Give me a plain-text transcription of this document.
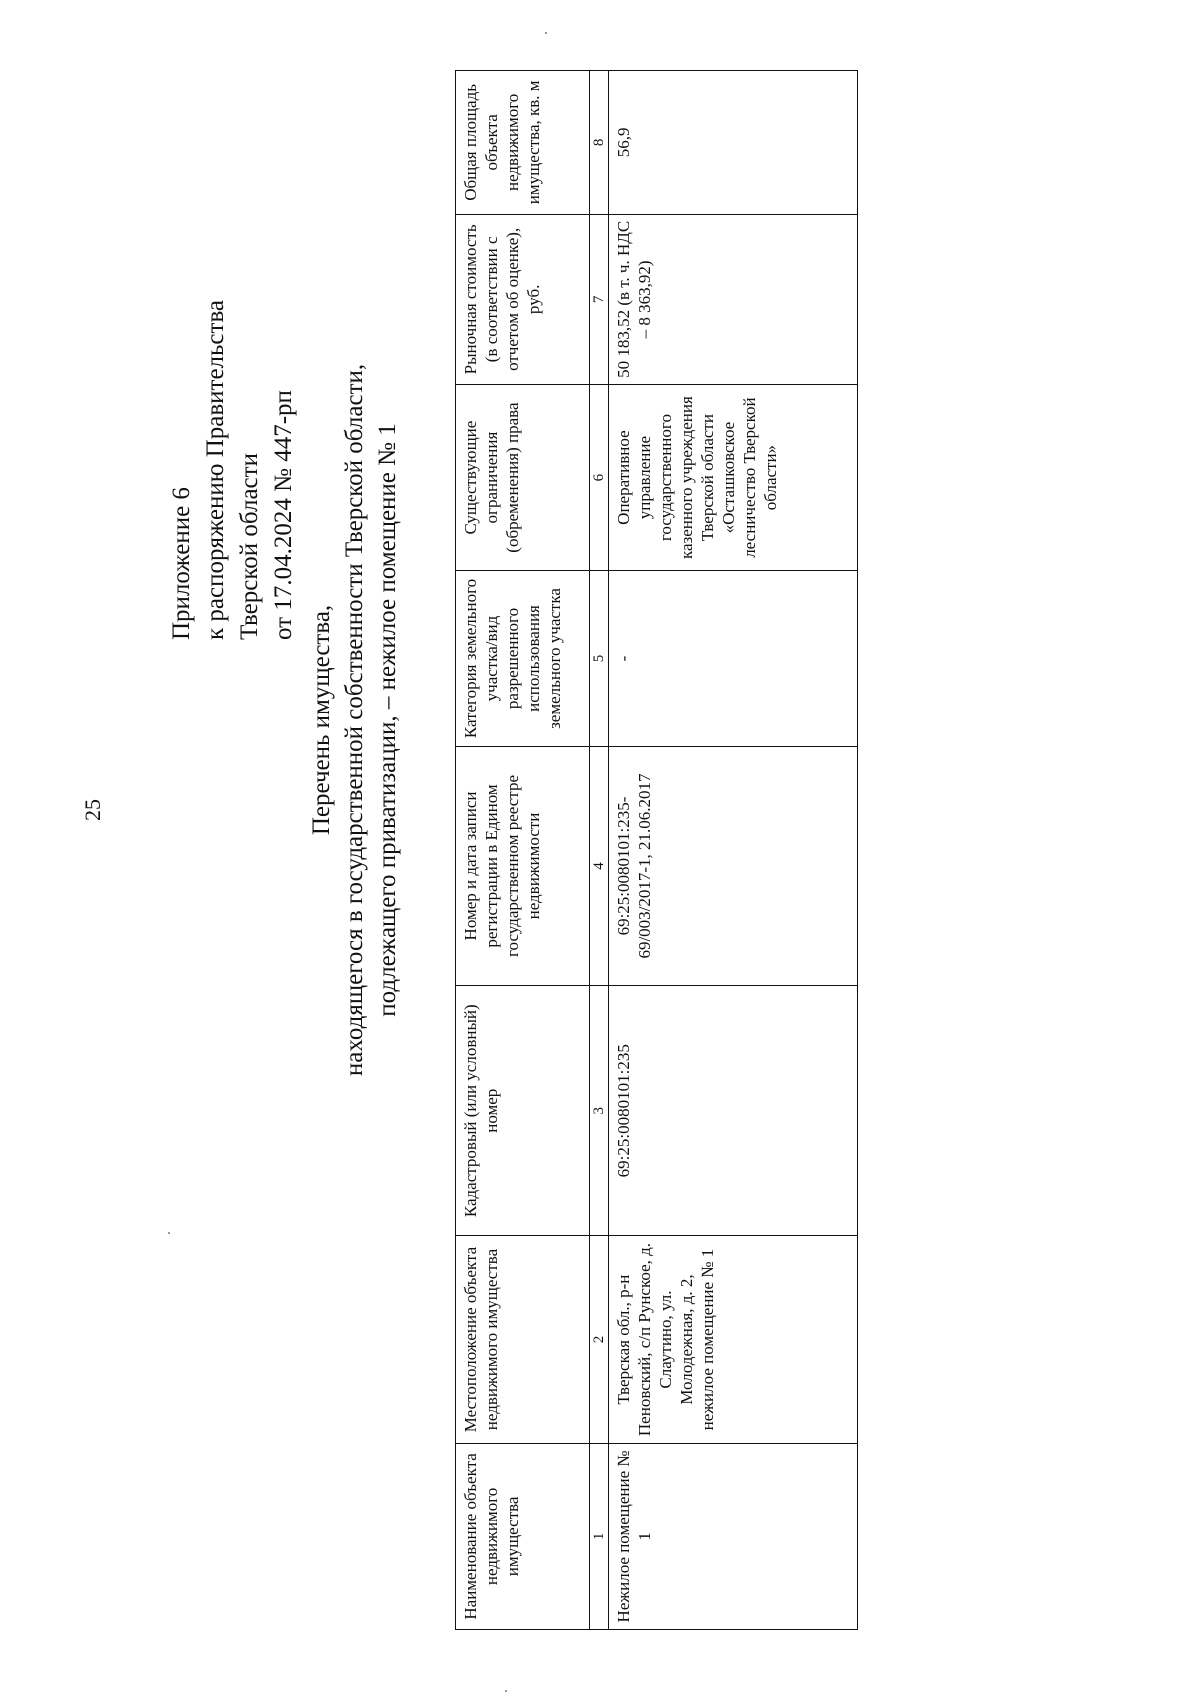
25
Приложение 6 к распоряжению Правительства Тверской области от 17.04.2024 № 447-рп
Перечень имущества, находящегося в государственной собственности Тверской области, подлежащего приватизации, – нежилое помещение № 1
Наименование объекта недвижимого имущества	Местоположение объекта недвижимого имущества	Кадастровый (или условный) номер	Номер и дата записи регистрации в Едином государственном реестре недвижимости	Категория земельного участка/вид разрешенного использования земельного участка	Существующие ограничения (обременения) права	Рыночная стоимость (в соответствии с отчетом об оценке), руб.	Общая площадь объекта недвижимого имущества, кв. м
1	2	3	4	5	6	7	8
Нежилое помещение № 1	Тверская обл., р-н Пеновский, с/п Рунское, д. Слаутино, ул. Молодежная, д. 2, нежилое помещение № 1	69:25:0080101:235	69:25:0080101:235-69/003/2017-1, 21.06.2017	-	Оперативное управление государственного казенного учреждения Тверской области «Осташковское лесничество Тверской области»	50 183,52 (в т. ч. НДС – 8 363,92)	56,9
